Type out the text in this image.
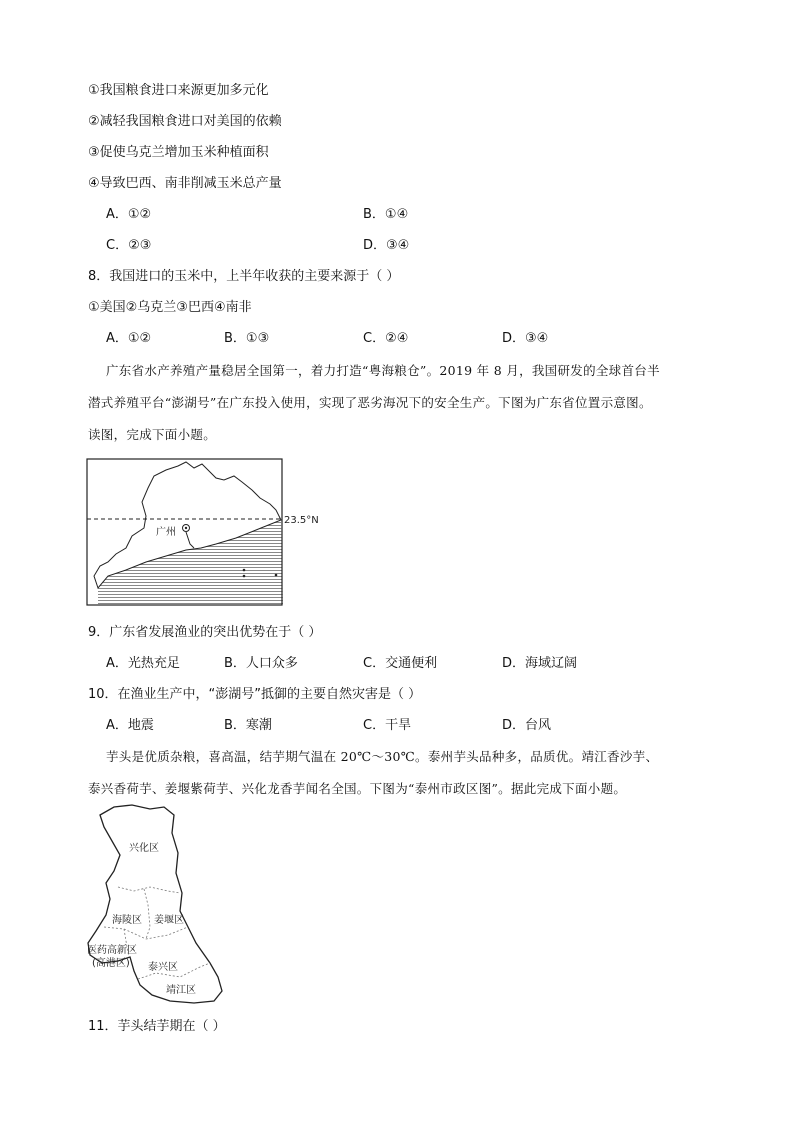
①我国粮食进口来源更加多元化
②减轻我国粮食进口对美国的依赖
③促使乌克兰增加玉米种植面积
④导致巴西、南非削减玉米总产量
A．①②	B．①④
C．②③	D．③④
8．我国进口的玉米中，上半年收获的主要来源于（ ）
①美国②乌克兰③巴西④南非
A．①②	B．①③	C．②④	D．③④
广东省水产养殖产量稳居全国第一，着力打造“粤海粮仓”。2019 年 8 月，我国研发的全球首台半
潜式养殖平台“澎湖号”在广东投入使用，实现了恶劣海况下的安全生产。下图为广东省位置示意图。
读图，完成下面小题。
广州
23.5°N
9．广东省发展渔业的突出优势在于（ ）
A．光热充足	B．人口众多	C．交通便利	D．海域辽阔
10．在渔业生产中，“澎湖号”抵御的主要自然灾害是（ ）
A．地震	B．寒潮	C．干旱	D．台风
芋头是优质杂粮，喜高温，结芋期气温在 20℃～30℃。泰州芋头品种多，品质优。靖江香沙芋、
泰兴香荷芋、姜堰紫荷芋、兴化龙香芋闻名全国。下图为“泰州市政区图”。据此完成下面小题。
兴化区
海陵区 姜堰区
医药高新区
(高港区) 泰兴区
靖江区
11．芋头结芋期在（ ）
